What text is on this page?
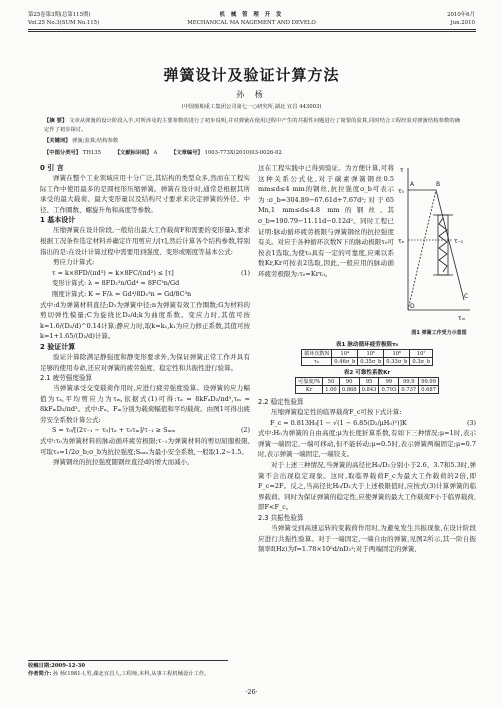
第25卷第3期(总第115期)
Vol.25 No.3(SUM No.115)
机 械 管 理 开 发
MECHANICAL MA NAGEMENT AND DEVELO
2010年6月
Jun.2010
弹簧设计及验证计算方法
孙 杨
(中国船舶重工集团公司第七一○研究所,湖北 宜昌 443003)
【摘 要】 文章从弹簧的设计阶段入手,对所涉及的主要参数的进行了初步说明,并对弹簧在使用过程中产生的共振性问题进行了简要的验算,同时结合工程经验对弹簧结构参数的确定作了初步探讨。
【关键词】 弹簧;验算;结构参数
【中图分类号】 TH135	【文献标识码】 A	【文章编号】 1003-773X(2010)03-0026-02
0 引 言
弹簧在整个工业领域应用十分广泛,其结构的类型众多,然而在工程实际工作中使用最多的是圆柱形压缩弹簧。弹簧在设计时,通常是根据其所承受的最大载荷、最大变形量以及结构尺寸要求来决定弹簧的外径、中径、工作圈数、螺旋升角和高度等参数。
1 基本设计
压缩弹簧在设计阶段,一般给出最大工作载荷F和需要的变形量λ,要求根据工况条件选定材料并确定许用剪应力[τ],然后计算各个结构参数,特别指出的是:在设计计算过程中需要用到强度、变形或刚度等基本公式:
剪应力计算式:
τ = k×8FD/(πd³) = k×8FC/(πd²) ≤ [τ]	(1)
变形计算式: λ = 8FD₂³n/Gd⁴ = 8FC³n/Gd
刚度计算式: K = F/λ = Gd⁴/8D₂³n = Gd/8C³n
式中:d为弹簧材料直径;D₂为弹簧中径;n为弹簧有效工作圈数;G为材料的剪切弹性模量;C为旋绕比D₂/d;k为曲度系数。变应力时,其值可按k=1.6/(D₂/d)^0.14计算;静应力时,取k=k₁,k₁为应力修正系数,其值可按k=1+1.65/(D₂/d)计算。
2 验证计算
验证计算除满足静强度和静变形要求外,为保证弹簧正常工作并具有足够的使用寿命,还应对弹簧的疲劳强度、稳定性和共振性进行验算。
2.1 疲劳强度验算
当弹簧承受交变载荷作用时,应进行疲劳强度验算。设弹簧的应力幅值为τₐ,平均剪应力为τₘ,依据式(1)可得:τₐ = 8kFₐD₂/πd³,τₘ = 8kFₘD₂/πd³。式中:Fₐ、Fₘ分别为载荷幅值和平均载荷。由图1可得出疲劳安全系数计算公式:
S = τ₀/[(2τ₋₁ − τ₀)τₐ + τ₀τₘ]/τ₋₁ ≥ Sₘᵢₙ	(2)
式中:τ₀为弹簧材料的脉动循环疲劳极限;τ₋₁为弹簧材料的剪切屈服极限,可取τ₀=1/2σ_b;σ_b为抗拉强度;Sₘᵢₙ为最小安全系数,一般取1.2~1.5。
弹簧钢丝的抗拉强度随钢丝直径d的增大而减小,
这在工程实践中已得到验证。为方便计算,可将这种关系公式化,对于碳素弹簧钢丝0.5 mm≤d≤4 mm的钢丝,抗拉强度σ_b可表示为:σ_b=304.89−67.61d+7.67d²;对于65 Mn,1 mm≤d≤4.8 mm的钢丝,其σ_b=190.79−11.11d−0.12d²。同时工程已证明:脉动循环疲劳极限与弹簧钢丝的抗拉强度有关。对应于各种循环次数N下的脉动极限τ₀可按表1选取,为使τ₀具有一定的可靠度,应乘以系数Kr,Kr可按表2选取,因此,一般应用的脉动循环疲劳极限为:τ₀=Krτ₀。
τ
τₘ
A	B
C
D
τ₀
τₐ	τ₋₁
图1 弹簧工作受力示意图
表1 脉动循环疲劳极限τ₀
循环次数N	10⁴	10⁵	10⁶	10⁷
τ₀	0.46σ_b	0.35σ_b	0.33σ_b	0.3σ_b
表2 可靠性系数Kr
可靠度/%	50	90	95	99	99.9	99.99
Kr	1.00	0.868	0.843	0.793	0.737	0.687
2.2 稳定性验算
压缩弹簧稳定性的临界载荷F_c可按下式计算:
F_c = 0.813H₀[1 − √(1 − 6.85(D₂/μH₀)²)]K	(3)
式中:H₀为弹簧的自由高度;μ为长度折算系数,有如下三种情况:μ=1时,表示弹簧一端固定,一端可移动,但不能转动;μ=0.5时,表示弹簧两端固定;μ=0.7时,表示弹簧一端固定,一端铰支。
对于上述三种情况,当弹簧的高径比H₀/D₂分别小于2.6、3.7和5.3时,弹簧不会出现稳定现象。这时,取临界载荷F_c为最大工作载荷的2倍,即F_c=2F。反之,当高径比H₀/D₂大于上述极限值时,应按式(3)计算弹簧的临界载荷。同时为保证弹簧的稳定性,应使弹簧的最大工作载荷F小于临界载荷,即F<F_c。
2.3 共振性验算
当弹簧受到高速运转的变载荷作用时,为避免发生共振现象,在设计阶段应进行共振性验算。对于一端固定,一端自由的弹簧,见图2所示,其一阶自振频率f(Hz)为f=1.78×10⁵d/nD₂²;对于两端固定的弹簧,
收稿日期:2009-12-30
作者简介: 孙 杨(1981-),男,湖北宜昌人,工程师,本科,从事工程机械设计工作。
·26·
